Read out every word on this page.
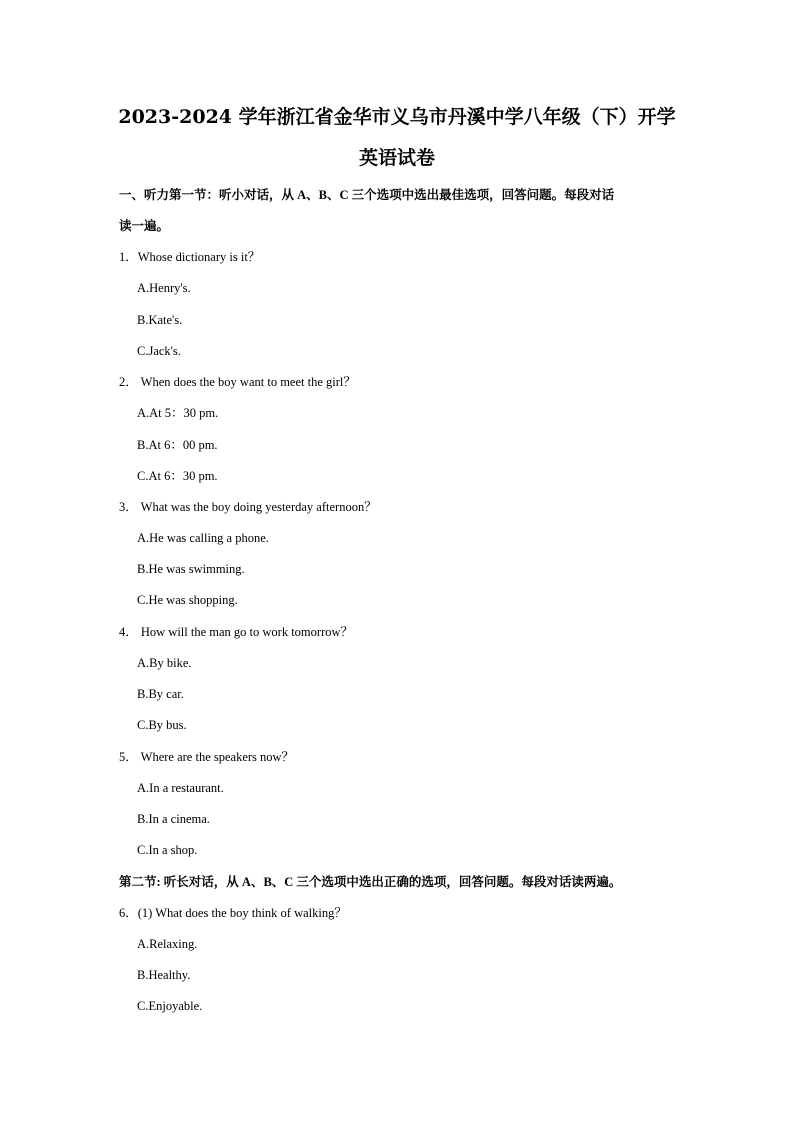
2023-2024 学年浙江省金华市义乌市丹溪中学八年级（下）开学
英语试卷
一、听力第一节：听小对话，从 A、B、C 三个选项中选出最佳选项，回答问题。每段对话
读一遍。
1．Whose dictionary is it？
A.Henry's.
B.Kate's.
C.Jack's.
2． When does the boy want to meet the girl？
A.At 5：30 pm.
B.At 6：00 pm.
C.At 6：30 pm.
3． What was the boy doing yesterday afternoon？
A.He was calling a phone.
B.He was swimming.
C.He was shopping.
4． How will the man go to work tomorrow？
A.By bike.
B.By car.
C.By bus.
5． Where are the speakers now？
A.In a restaurant.
B.In a cinema.
C.In a shop.
第二节: 听长对话，从 A、B、C 三个选项中选出正确的选项，回答问题。每段对话读两遍。
6．(1) What does the boy think of walking？
A.Relaxing.
B.Healthy.
C.Enjoyable.
